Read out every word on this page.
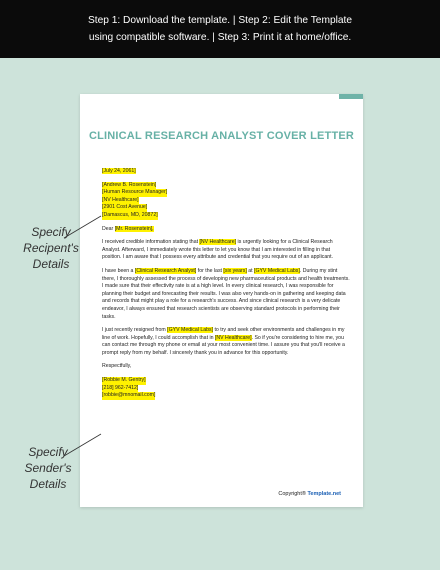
Step 1: Download the template. | Step 2: Edit the Template
using compatible software. | Step 3: Print it at home/office.
CLINICAL RESEARCH ANALYST COVER LETTER

[July 24, 2061]

[Andrew B. Rosenstein]
[Human Resource Manager]
[NV Healthcare]
[2901 Cost Avenue]
[Damascus, MD, 20872]

Dear [Mr. Rosenstein],

I received credible information stating that [NV Healthcare] is urgently looking for a Clinical Research Analyst. Afterward, I immediately wrote this letter to let you know that I am interested in filling in that position. I am aware that I possess every attribute and credential that you require out of an applicant.

I have been a [Clinical Research Analyst] for the last [six years] at [GYV Medical Labs]. During my stint there, I thoroughly assessed the process of developing new pharmaceutical products and health treatments. I made sure that their effectivity rate is at a high level. In every clinical research, I was responsible for planning their budget and forecasting their results. I was also very hands-on in gathering and keeping data and records that might play a role for a research's success. And since clinical research is a very delicate endeavor, I always ensured that research scientists are observing standard protocols in performing their tasks.

I just recently resigned from [GYV Medical Labs] to try and seek other environments and challenges in my line of work. Hopefully, I could accomplish that in [NV Healthcare]. So if you're considering to hire me, you can contact me through my phone or email at your most convenient time. I assure you that you'll receive a prompt reply from my behalf. I sincerely thank you in advance for this opportunity.

Respectfully,

[Robbie M. Gentry]
[218] 962-7412]
[robbie@mnomail.com]

Copyright® Template.net
Specify
Recipent's
Details
Specify
Sender's
Details
